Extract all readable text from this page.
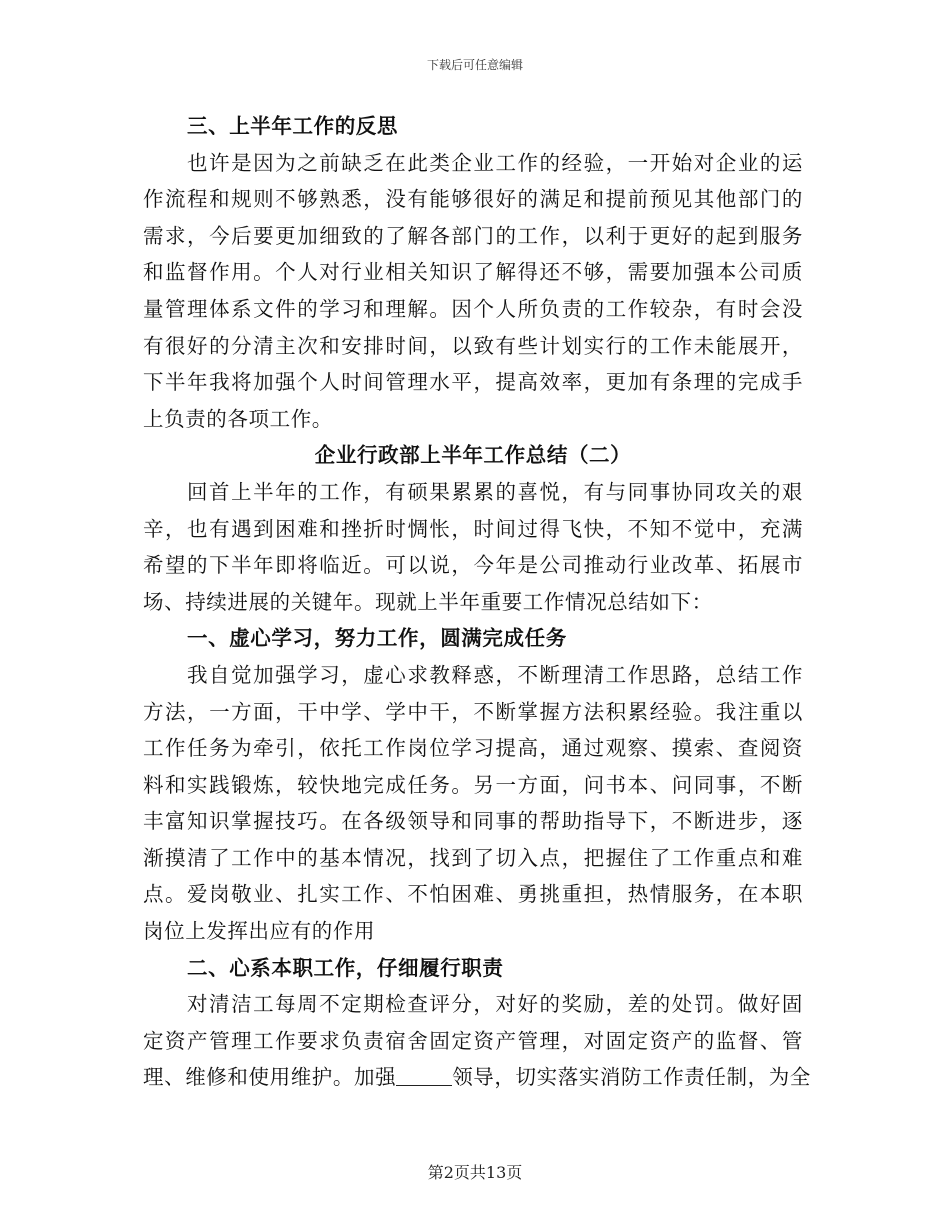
下载后可任意编辑
三、上半年工作的反思
也许是因为之前缺乏在此类企业工作的经验，一开始对企业的运
作流程和规则不够熟悉，没有能够很好的满足和提前预见其他部门的
需求，今后要更加细致的了解各部门的工作，以利于更好的起到服务
和监督作用。个人对行业相关知识了解得还不够，需要加强本公司质
量管理体系文件的学习和理解。因个人所负责的工作较杂，有时会没
有很好的分清主次和安排时间，以致有些计划实行的工作未能展开，
下半年我将加强个人时间管理水平，提高效率，更加有条理的完成手
上负责的各项工作。
企业行政部上半年工作总结（二）
回首上半年的工作，有硕果累累的喜悦，有与同事协同攻关的艰
辛，也有遇到困难和挫折时惆怅，时间过得飞快，不知不觉中，充满
希望的下半年即将临近。可以说，今年是公司推动行业改革、拓展市
场、持续进展的关键年。现就上半年重要工作情况总结如下：
一、虚心学习，努力工作，圆满完成任务
我自觉加强学习，虚心求教释惑，不断理清工作思路，总结工作
方法，一方面，干中学、学中干，不断掌握方法积累经验。我注重以
工作任务为牵引，依托工作岗位学习提高，通过观察、摸索、查阅资
料和实践锻炼，较快地完成任务。另一方面，问书本、问同事，不断
丰富知识掌握技巧。在各级领导和同事的帮助指导下，不断进步，逐
渐摸清了工作中的基本情况，找到了切入点，把握住了工作重点和难
点。爱岗敬业、扎实工作、不怕困难、勇挑重担，热情服务，在本职
岗位上发挥出应有的作用
二、心系本职工作，仔细履行职责
对清洁工每周不定期检查评分，对好的奖励，差的处罚。做好固
定资产管理工作要求负责宿舍固定资产管理，对固定资产的监督、管
理、维修和使用维护。加强	领导，切实落实消防工作责任制，为全
第2页共13页
